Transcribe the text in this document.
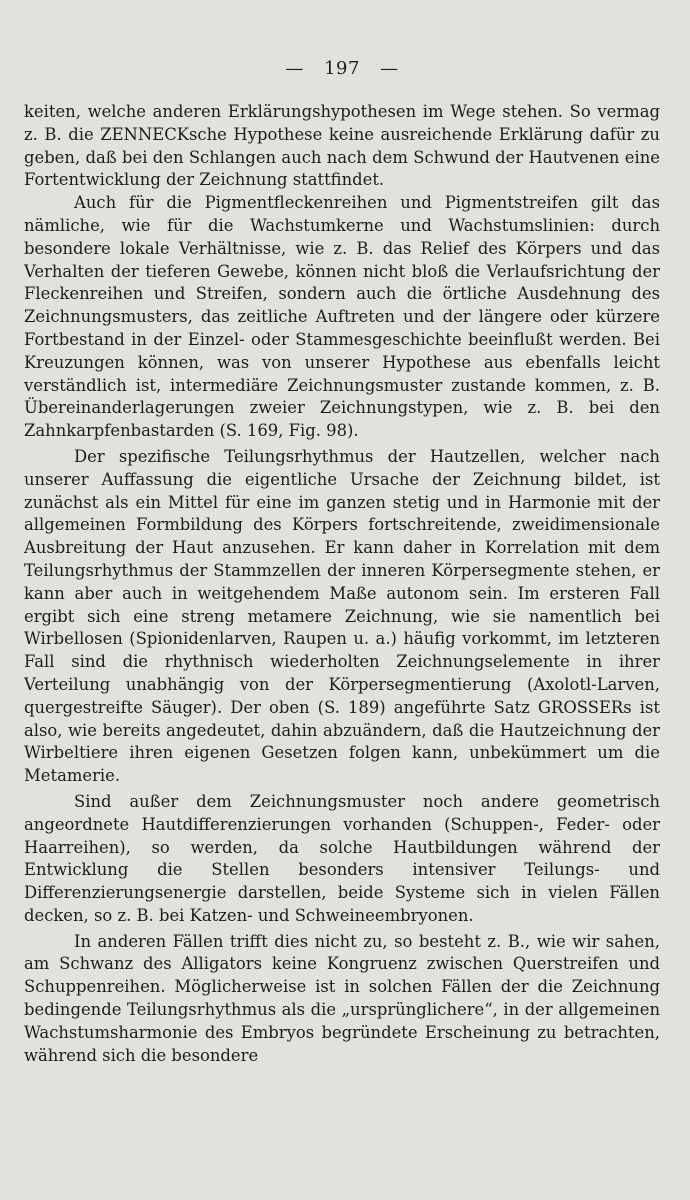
— 197 —

keiten, welche anderen Erklärungshypothesen im Wege stehen. So vermag z. B. die ZENNECKsche Hypothese keine ausreichende Erklärung dafür zu geben, daß bei den Schlangen auch nach dem Schwund der Hautvenen eine Fortentwicklung der Zeichnung stattfindet.

Auch für die Pigmentfleckenreihen und Pigmentstreifen gilt das nämliche, wie für die Wachstumkerne und Wachstumslinien: durch besondere lokale Verhältnisse, wie z. B. das Relief des Körpers und das Verhalten der tieferen Gewebe, können nicht bloß die Verlaufsrichtung der Fleckenreihen und Streifen, sondern auch die örtliche Ausdehnung des Zeichnungsmusters, das zeitliche Auftreten und der längere oder kürzere Fortbestand in der Einzel- oder Stammesgeschichte beeinflußt werden. Bei Kreuzungen können, was von unserer Hypothese aus ebenfalls leicht verständlich ist, intermediäre Zeichnungsmuster zustande kommen, z. B. Übereinanderlagerungen zweier Zeichnungstypen, wie z. B. bei den Zahnkarpfenbastarden (S. 169, Fig. 98).

Der spezifische Teilungsrhythmus der Hautzellen, welcher nach unserer Auffassung die eigentliche Ursache der Zeichnung bildet, ist zunächst als ein Mittel für eine im ganzen stetig und in Harmonie mit der allgemeinen Formbildung des Körpers fortschreitende, zweidimensionale Ausbreitung der Haut anzusehen. Er kann daher in Korrelation mit dem Teilungsrhythmus der Stammzellen der inneren Körpersegmente stehen, er kann aber auch in weitgehendem Maße autonom sein. Im ersteren Fall ergibt sich eine streng metamere Zeichnung, wie sie namentlich bei Wirbellosen (Spionidenlarven, Raupen u. a.) häufig vorkommt, im letzteren Fall sind die rhythnisch wiederholten Zeichnungselemente in ihrer Verteilung unabhängig von der Körpersegmentierung (Axolotl-Larven, quergestreifte Säuger). Der oben (S. 189) angeführte Satz GROSSERs ist also, wie bereits angedeutet, dahin abzuändern, daß die Hautzeichnung der Wirbeltiere ihren eigenen Gesetzen folgen kann, unbekümmert um die Metamerie.

Sind außer dem Zeichnungsmuster noch andere geometrisch angeordnete Hautdifferenzierungen vorhanden (Schuppen-, Feder- oder Haarreihen), so werden, da solche Hautbildungen während der Entwicklung die Stellen besonders intensiver Teilungs- und Differenzierungsenergie darstellen, beide Systeme sich in vielen Fällen decken, so z. B. bei Katzen- und Schweineembryonen.

In anderen Fällen trifft dies nicht zu, so besteht z. B., wie wir sahen, am Schwanz des Alligators keine Kongruenz zwischen Querstreifen und Schuppenreihen. Möglicherweise ist in solchen Fällen der die Zeichnung bedingende Teilungsrhythmus als die „ursprünglichere“, in der allgemeinen Wachstumsharmonie des Embryos begründete Erscheinung zu betrachten, während sich die besondere
